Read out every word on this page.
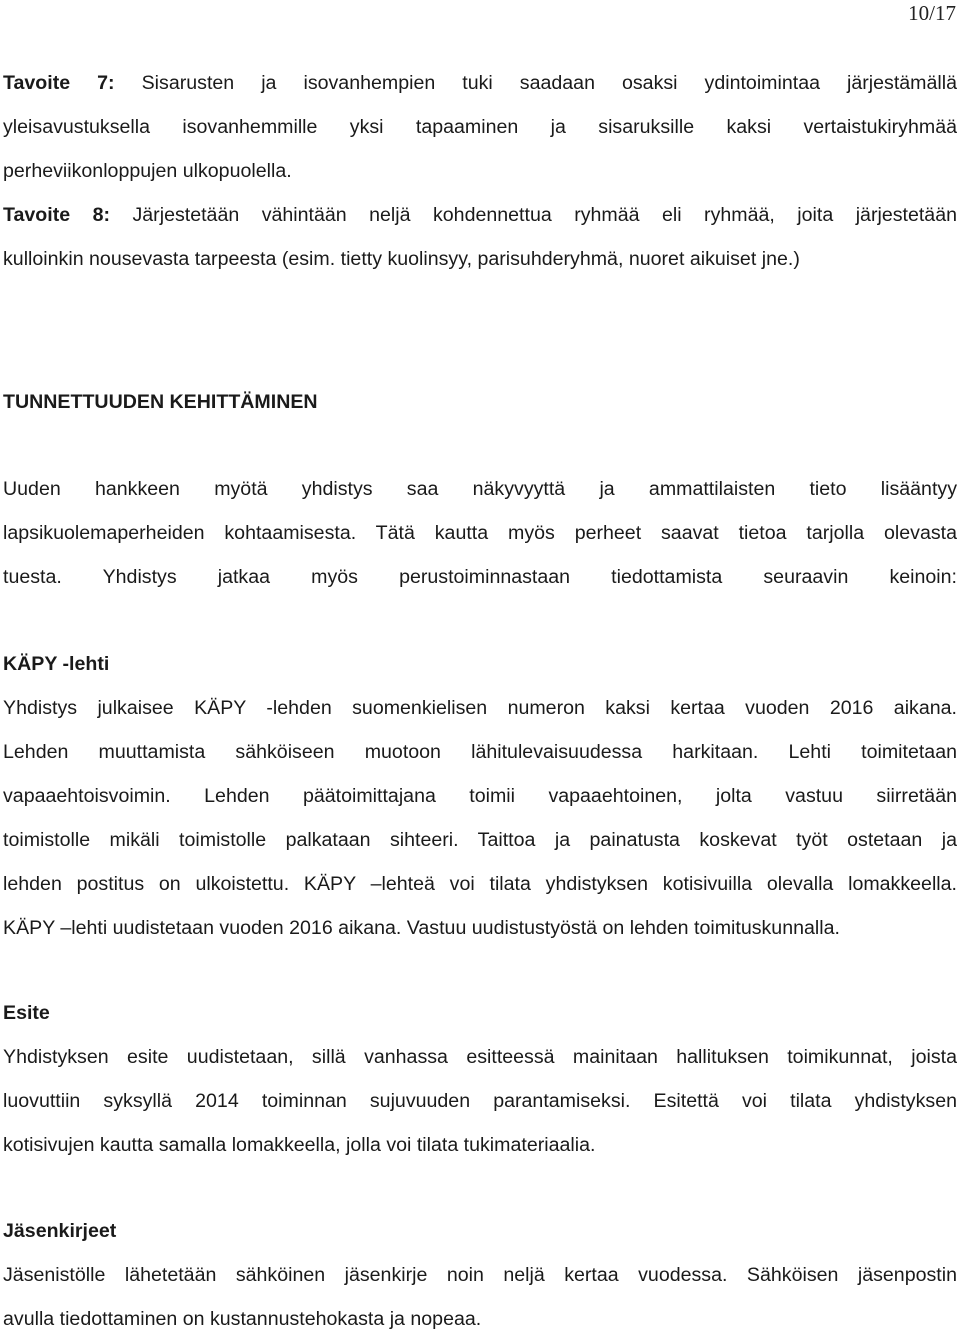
10/17
Tavoite 7: Sisarusten ja isovanhempien tuki saadaan osaksi ydintoimintaa järjestämällä
yleisavustuksella isovanhemmille yksi tapaaminen ja sisaruksille kaksi vertaistukiryhmää
perheviikonloppujen ulkopuolella.
Tavoite 8: Järjestetään vähintään neljä kohdennettua ryhmää eli ryhmää, joita järjestetään
kulloinkin nousevasta tarpeesta (esim. tietty kuolinsyy, parisuhderyhmä, nuoret aikuiset jne.)
TUNNETTUUDEN KEHITTÄMINEN
Uuden hankkeen myötä yhdistys saa näkyvyyttä ja ammattilaisten tieto lisääntyy
lapsikuolemaperheiden kohtaamisesta. Tätä kautta myös perheet saavat tietoa tarjolla olevasta
tuesta. Yhdistys jatkaa myös perustoiminnastaan tiedottamista seuraavin keinoin:
KÄPY -lehti
Yhdistys julkaisee KÄPY -lehden suomenkielisen numeron kaksi kertaa vuoden 2016 aikana.
Lehden muuttamista sähköiseen muotoon lähitulevaisuudessa harkitaan. Lehti toimitetaan
vapaaehtoisvoimin. Lehden päätoimittajana toimii vapaaehtoinen, jolta vastuu siirretään
toimistolle mikäli toimistolle palkataan sihteeri. Taittoa ja painatusta koskevat työt ostetaan ja
lehden postitus on ulkoistettu. KÄPY –lehteä voi tilata yhdistyksen kotisivuilla olevalla lomakkeella.
KÄPY –lehti uudistetaan vuoden 2016 aikana. Vastuu uudistustyöstä on lehden toimituskunnalla.
Esite
Yhdistyksen esite uudistetaan, sillä vanhassa esitteessä mainitaan hallituksen toimikunnat, joista
luovuttiin syksyllä 2014 toiminnan sujuvuuden parantamiseksi. Esitettä voi tilata yhdistyksen
kotisivujen kautta samalla lomakkeella, jolla voi tilata tukimateriaalia.
Jäsenkirjeet
Jäsenistölle lähetetään sähköinen jäsenkirje noin neljä kertaa vuodessa. Sähköisen jäsenpostin
avulla tiedottaminen on kustannustehokasta ja nopeaa.
